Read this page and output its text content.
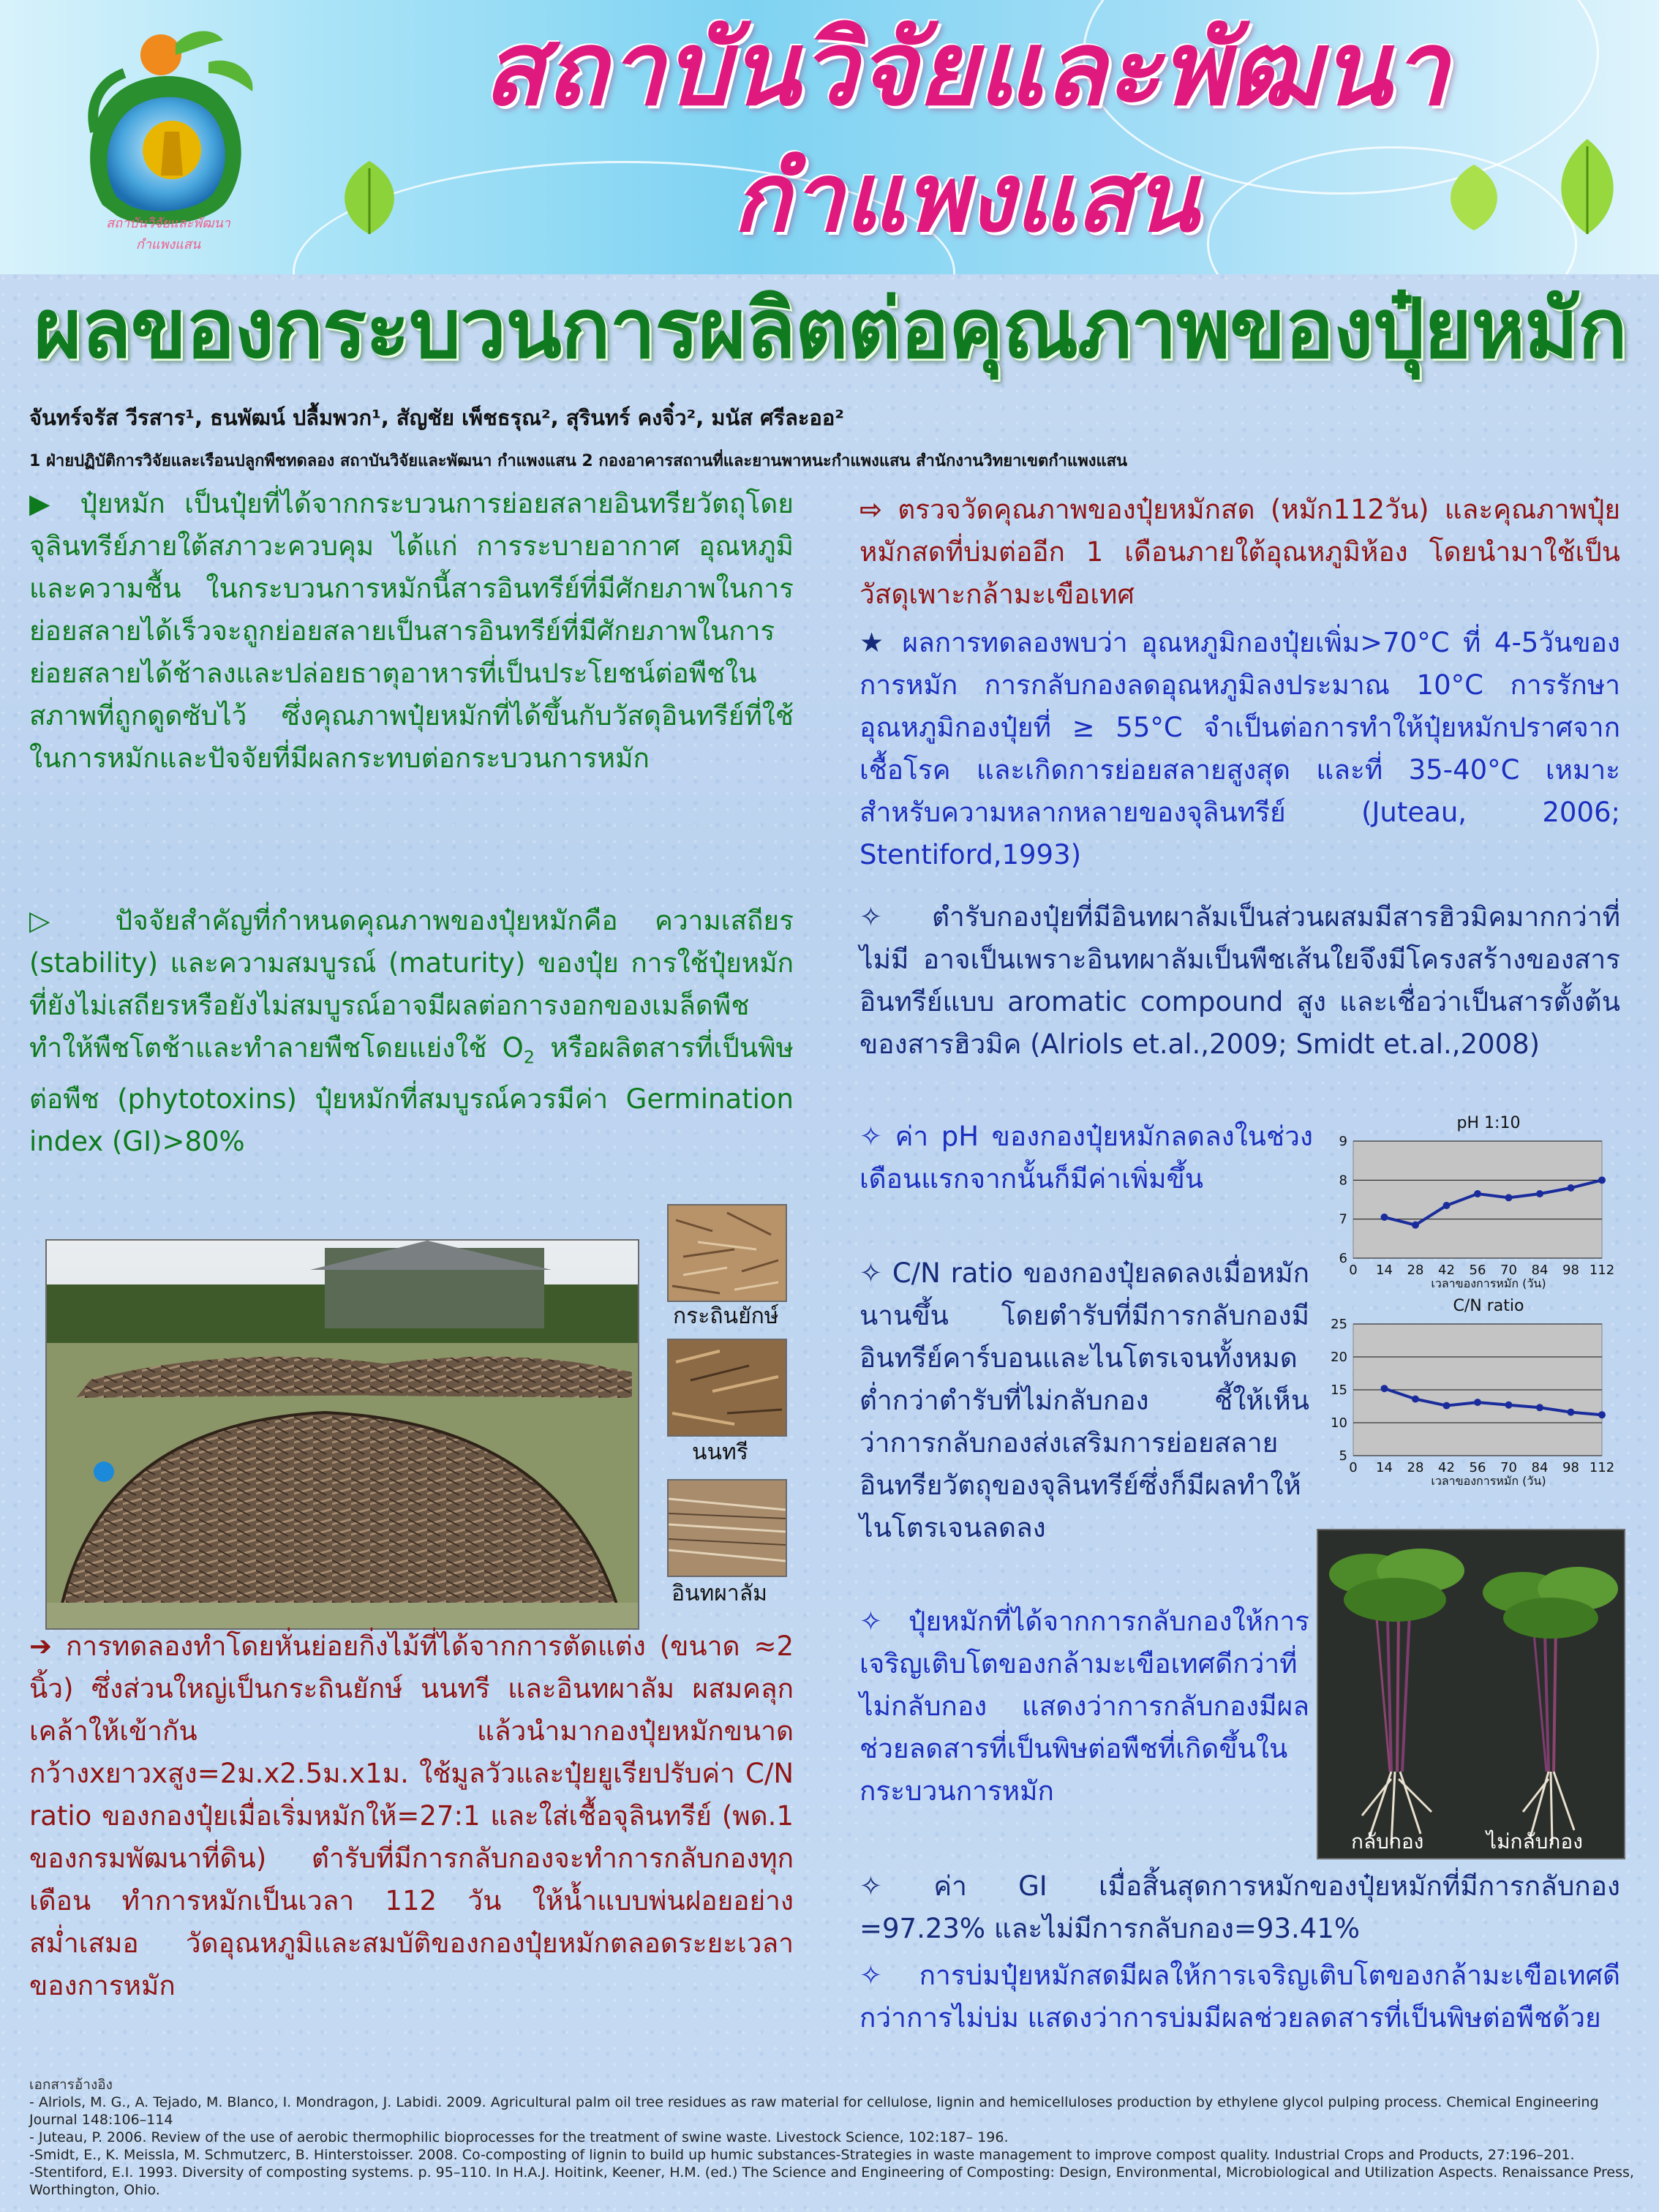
สถาบันวิจัยและพัฒนา กำแพงแสน
สถาบันวิจัยและพัฒนา
กำแพงแสน
ผลของกระบวนการผลิตต่อคุณภาพของปุ๋ยหมัก
จันทร์จรัส วีรสาร¹, ธนพัฒน์ ปลื้มพวก¹, สัญชัย เพ็ชธรุณ², สุรินทร์ คงจิ๋ว², มนัส ศรีละออ²
1 ฝ่ายปฏิบัติการวิจัยและเรือนปลูกพืชทดลอง สถาบันวิจัยและพัฒนา กำแพงแสน 2 กองอาคารสถานที่และยานพาหนะกำแพงแสน สำนักงานวิทยาเขตกำแพงแสน
▶ ปุ๋ยหมัก เป็นปุ๋ยที่ได้จากกระบวนการย่อยสลายอินทรียวัตถุโดยจุลินทรีย์ภายใต้สภาวะควบคุม ได้แก่ การระบายอากาศ อุณหภูมิ และความชื้น ในกระบวนการหมักนี้สารอินทรีย์ที่มีศักยภาพในการย่อยสลายได้เร็วจะถูกย่อยสลายเป็นสารอินทรีย์ที่มีศักยภาพในการย่อยสลายได้ช้าลงและปล่อยธาตุอาหารที่เป็นประโยชน์ต่อพืชในสภาพที่ถูกดูดซับไว้ ซึ่งคุณภาพปุ๋ยหมักที่ได้ขึ้นกับวัสดุอินทรีย์ที่ใช้ในการหมักและปัจจัยที่มีผลกระทบต่อกระบวนการหมัก
▷ ปัจจัยสำคัญที่กำหนดคุณภาพของปุ๋ยหมักคือ ความเสถียร (stability) และความสมบูรณ์ (maturity) ของปุ๋ย การใช้ปุ๋ยหมักที่ยังไม่เสถียรหรือยังไม่สมบูรณ์อาจมีผลต่อการงอกของเมล็ดพืช ทำให้พืชโตช้าและทำลายพืชโดยแย่งใช้ $O_2$ หรือผลิตสารที่เป็นพิษต่อพืช (phytotoxins) ปุ๋ยหมักที่สมบูรณ์ควรมีค่า Germination index (GI)>80%
กระถินยักษ์
นนทรี
อินทผาลัม
➔ การทดลองทำโดยหั่นย่อยกิ่งไม้ที่ได้จากการตัดแต่ง (ขนาด ≈2 นิ้ว) ซึ่งส่วนใหญ่เป็นกระถินยักษ์ นนทรี และอินทผาลัม ผสมคลุกเคล้าให้เข้ากัน แล้วนำมากองปุ๋ยหมักขนาดกว้างxยาวxสูง=2ม.x2.5ม.x1ม. ใช้มูลวัวและปุ๋ยยูเรียปรับค่า C/N ratio ของกองปุ๋ยเมื่อเริ่มหมักให้=27:1 และใส่เชื้อจุลินทรีย์ (พด.1 ของกรมพัฒนาที่ดิน) ตำรับที่มีการกลับกองจะทำการกลับกองทุกเดือน ทำการหมักเป็นเวลา 112 วัน ให้น้ำแบบพ่นฝอยอย่างสม่ำเสมอ วัดอุณหภูมิและสมบัติของกองปุ๋ยหมักตลอดระยะเวลาของการหมัก
⇨ ตรวจวัดคุณภาพของปุ๋ยหมักสด (หมัก112วัน) และคุณภาพปุ๋ยหมักสดที่บ่มต่ออีก 1 เดือนภายใต้อุณหภูมิห้อง โดยนำมาใช้เป็นวัสดุเพาะกล้ามะเขือเทศ
★ ผลการทดลองพบว่า อุณหภูมิกองปุ๋ยเพิ่ม>70°C ที่ 4-5วันของการหมัก การกลับกองลดอุณหภูมิลงประมาณ 10°C การรักษาอุณหภูมิกองปุ๋ยที่ ≥ 55°C จำเป็นต่อการทำให้ปุ๋ยหมักปราศจากเชื้อโรค และเกิดการย่อยสลายสูงสุด และที่ 35-40°C เหมาะสำหรับความหลากหลายของจุลินทรีย์ (Juteau, 2006; Stentiford,1993)
✧ ตำรับกองปุ๋ยที่มีอินทผาลัมเป็นส่วนผสมมีสารฮิวมิคมากกว่าที่ไม่มี อาจเป็นเพราะอินทผาลัมเป็นพืชเส้นใยจึงมีโครงสร้างของสารอินทรีย์แบบ aromatic compound สูง และเชื่อว่าเป็นสารตั้งต้นของสารฮิวมิค (Alriols et.al.,2009; Smidt et.al.,2008)
✧ ค่า pH ของกองปุ๋ยหมักลดลงในช่วงเดือนแรกจากนั้นก็มีค่าเพิ่มขึ้น
✧ C/N ratio ของกองปุ๋ยลดลงเมื่อหมักนานขึ้น โดยตำรับที่มีการกลับกองมีอินทรีย์คาร์บอนและไนโตรเจนทั้งหมดต่ำกว่าตำรับที่ไม่กลับกอง ชี้ให้เห็นว่าการกลับกองส่งเสริมการย่อยสลายอินทรียวัตถุของจุลินทรีย์ซึ่งก็มีผลทำให้ไนโตรเจนลดลง
✧ ปุ๋ยหมักที่ได้จากการกลับกองให้การเจริญเติบโตของกล้ามะเขือเทศดีกว่าที่ไม่กลับกอง แสดงว่าการกลับกองมีผลช่วยลดสารที่เป็นพิษต่อพืชที่เกิดขึ้นในกระบวนการหมัก
✧ ค่า GI เมื่อสิ้นสุดการหมักของปุ๋ยหมักที่มีการกลับกอง =97.23% และไม่มีการกลับกอง=93.41%
✧ การบ่มปุ๋ยหมักสดมีผลให้การเจริญเติบโตของกล้ามะเขือเทศดีกว่าการไม่บ่ม แสดงว่าการบ่มมีผลช่วยลดสารที่เป็นพิษต่อพืชด้วย
pH 1:10
6
7
8
9
0 14 28 42 56 70 84 98 112
เวลาของการหมัก (วัน)
C/N ratio
5
10
15
20
25
0 14 28 42 56 70 84 98 112
เวลาของการหมัก (วัน)
กลับกอง	ไม่กลับกอง
เอกสารอ้างอิง
- Alriols, M. G., A. Tejado, M. Blanco, I. Mondragon, J. Labidi. 2009. Agricultural palm oil tree residues as raw material for cellulose, lignin and hemicelluloses production by ethylene glycol pulping process. Chemical Engineering Journal 148:106–114
- Juteau, P. 2006. Review of the use of aerobic thermophilic bioprocesses for the treatment of swine waste. Livestock Science, 102:187– 196.
-Smidt, E., K. Meissla, M. Schmutzerc, B. Hinterstoisser. 2008. Co-composting of lignin to build up humic substances-Strategies in waste management to improve compost quality. Industrial Crops and Products, 27:196–201.
-Stentiford, E.I. 1993. Diversity of composting systems. p. 95–110. In H.A.J. Hoitink, Keener, H.M. (ed.) The Science and Engineering of Composting: Design, Environmental, Microbiological and Utilization Aspects. Renaissance Press, Worthington, Ohio.
